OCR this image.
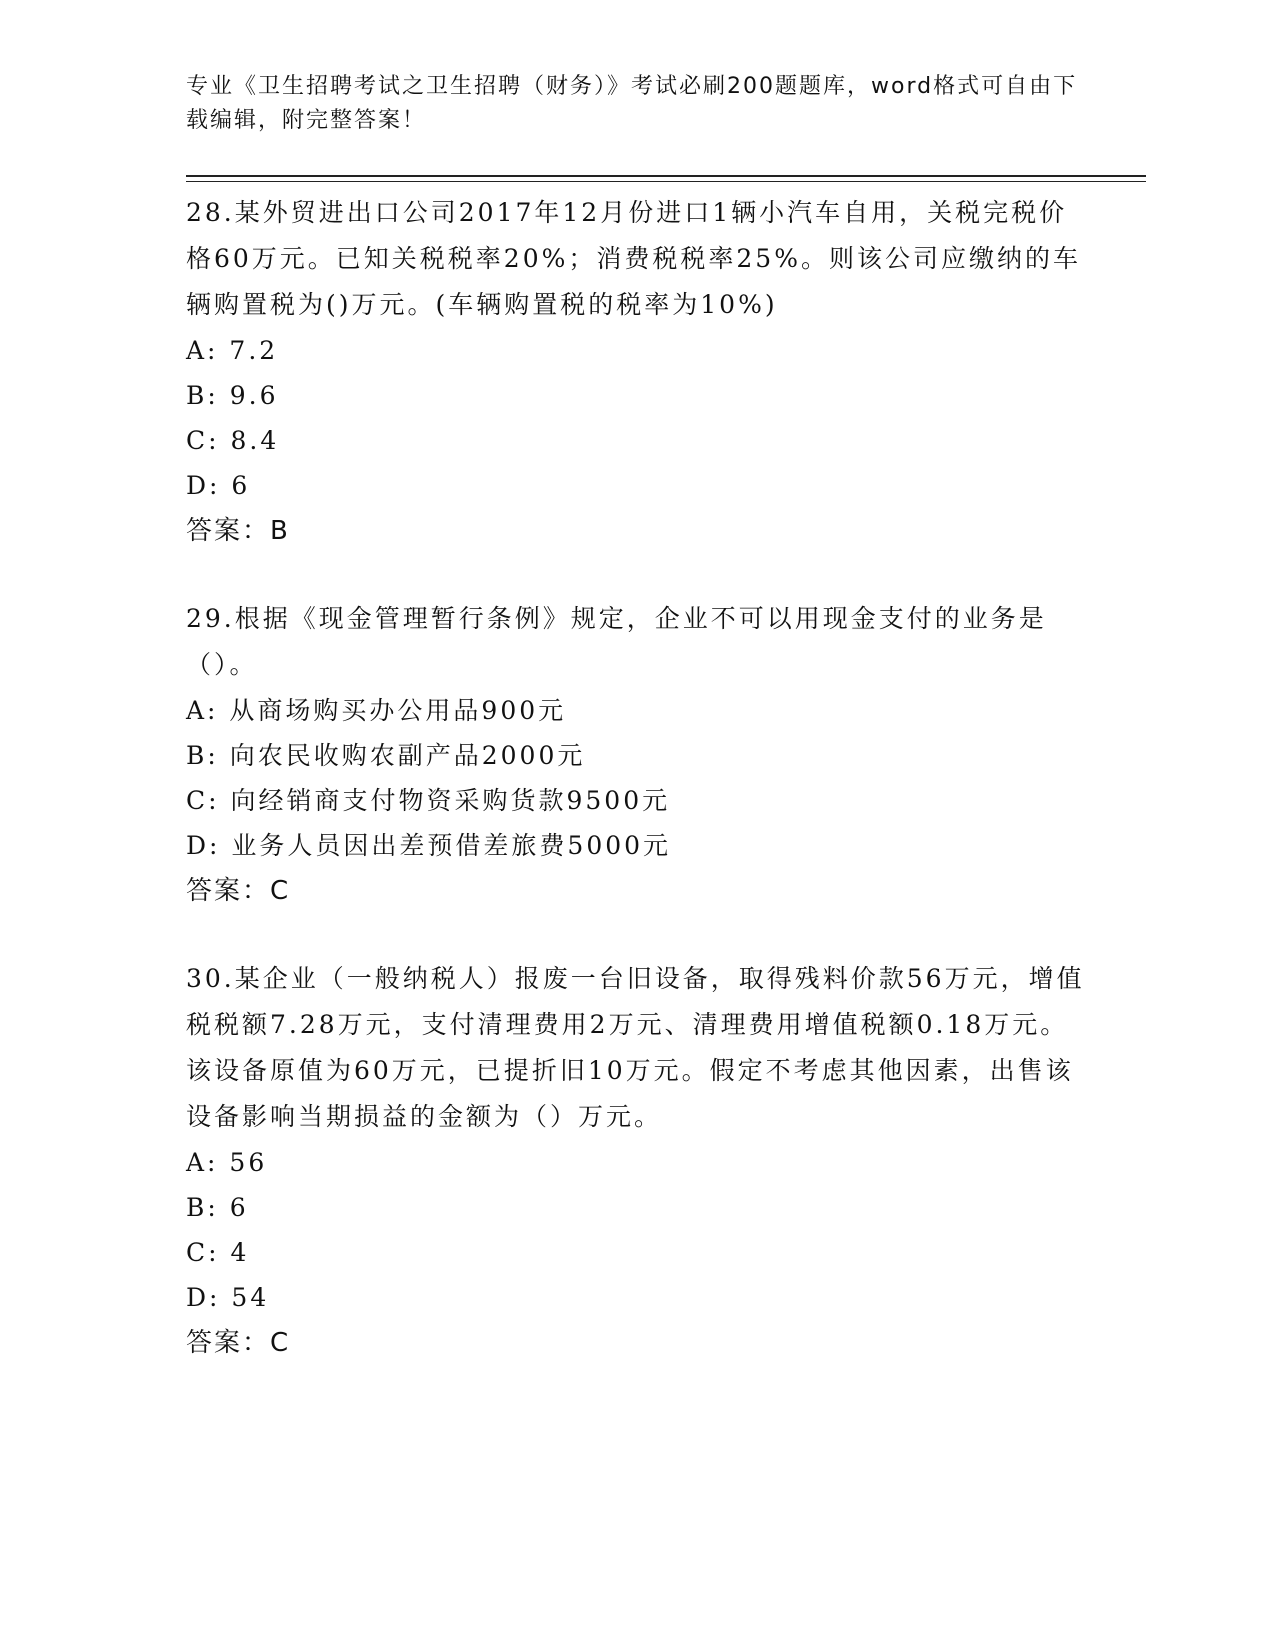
专业《卫生招聘考试之卫生招聘（财务）》考试必刷200题题库，word格式可自由下载编辑，附完整答案！
28.某外贸进出口公司2017年12月份进口1辆小汽车自用，关税完税价格60万元。已知关税税率20%；消费税税率25%。则该公司应缴纳的车辆购置税为()万元。(车辆购置税的税率为10%)
A: 7.2
B: 9.6
C: 8.4
D: 6
答案：B
29.根据《现金管理暂行条例》规定，企业不可以用现金支付的业务是（）。
A: 从商场购买办公用品900元
B: 向农民收购农副产品2000元
C: 向经销商支付物资采购货款9500元
D: 业务人员因出差预借差旅费5000元
答案：C
30.某企业（一般纳税人）报废一台旧设备，取得残料价款56万元，增值税税额7.28万元，支付清理费用2万元、清理费用增值税额0.18万元。该设备原值为60万元，已提折旧10万元。假定不考虑其他因素，出售该设备影响当期损益的金额为（）万元。
A: 56
B: 6
C: 4
D: 54
答案：C
